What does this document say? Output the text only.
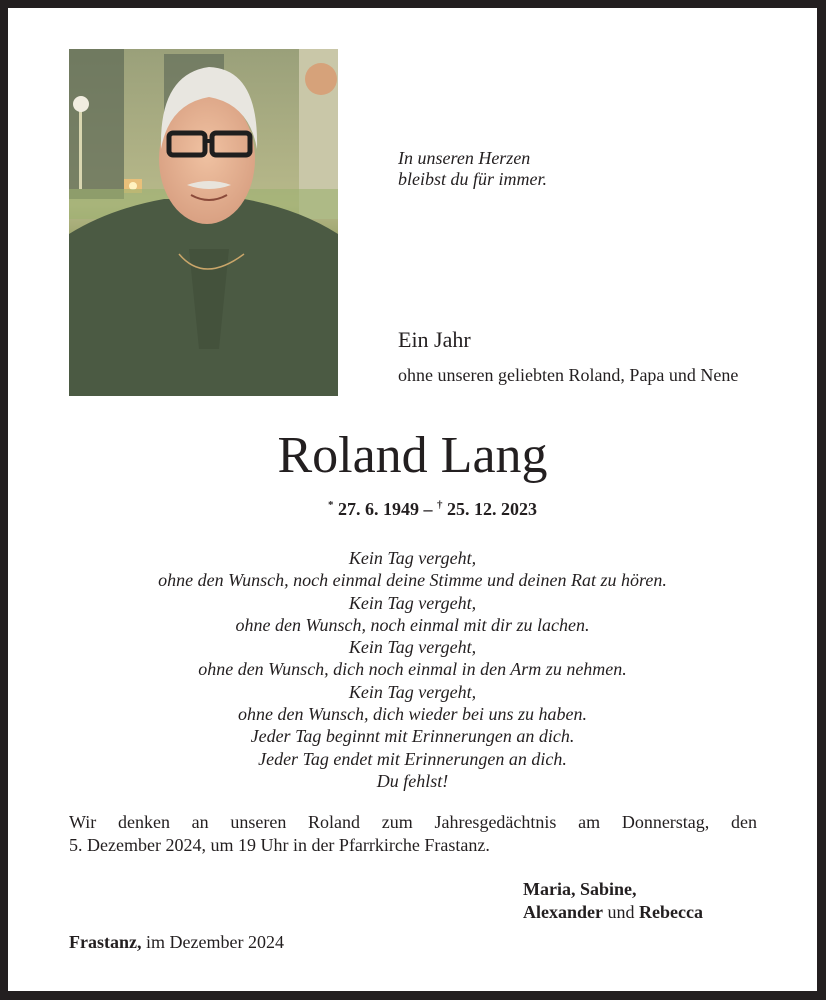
In unseren Herzen
bleibst du für immer.
Ein Jahr
ohne unseren geliebten Roland, Papa und Nene
Roland Lang
* 27. 6. 1949 – † 25. 12. 2023
Kein Tag vergeht,
ohne den Wunsch, noch einmal deine Stimme und deinen Rat zu hören.
Kein Tag vergeht,
ohne den Wunsch, noch einmal mit dir zu lachen.
Kein Tag vergeht,
ohne den Wunsch, dich noch einmal in den Arm zu nehmen.
Kein Tag vergeht,
ohne den Wunsch, dich wieder bei uns zu haben.
Jeder Tag beginnt mit Erinnerungen an dich.
Jeder Tag endet mit Erinnerungen an dich.
Du fehlst!
Wir denken an unseren Roland zum Jahresgedächtnis am Donnerstag, den
5. Dezember 2024, um 19 Uhr in der Pfarrkirche Frastanz.
Maria, Sabine,
Alexander und Rebecca
Frastanz, im Dezember 2024
